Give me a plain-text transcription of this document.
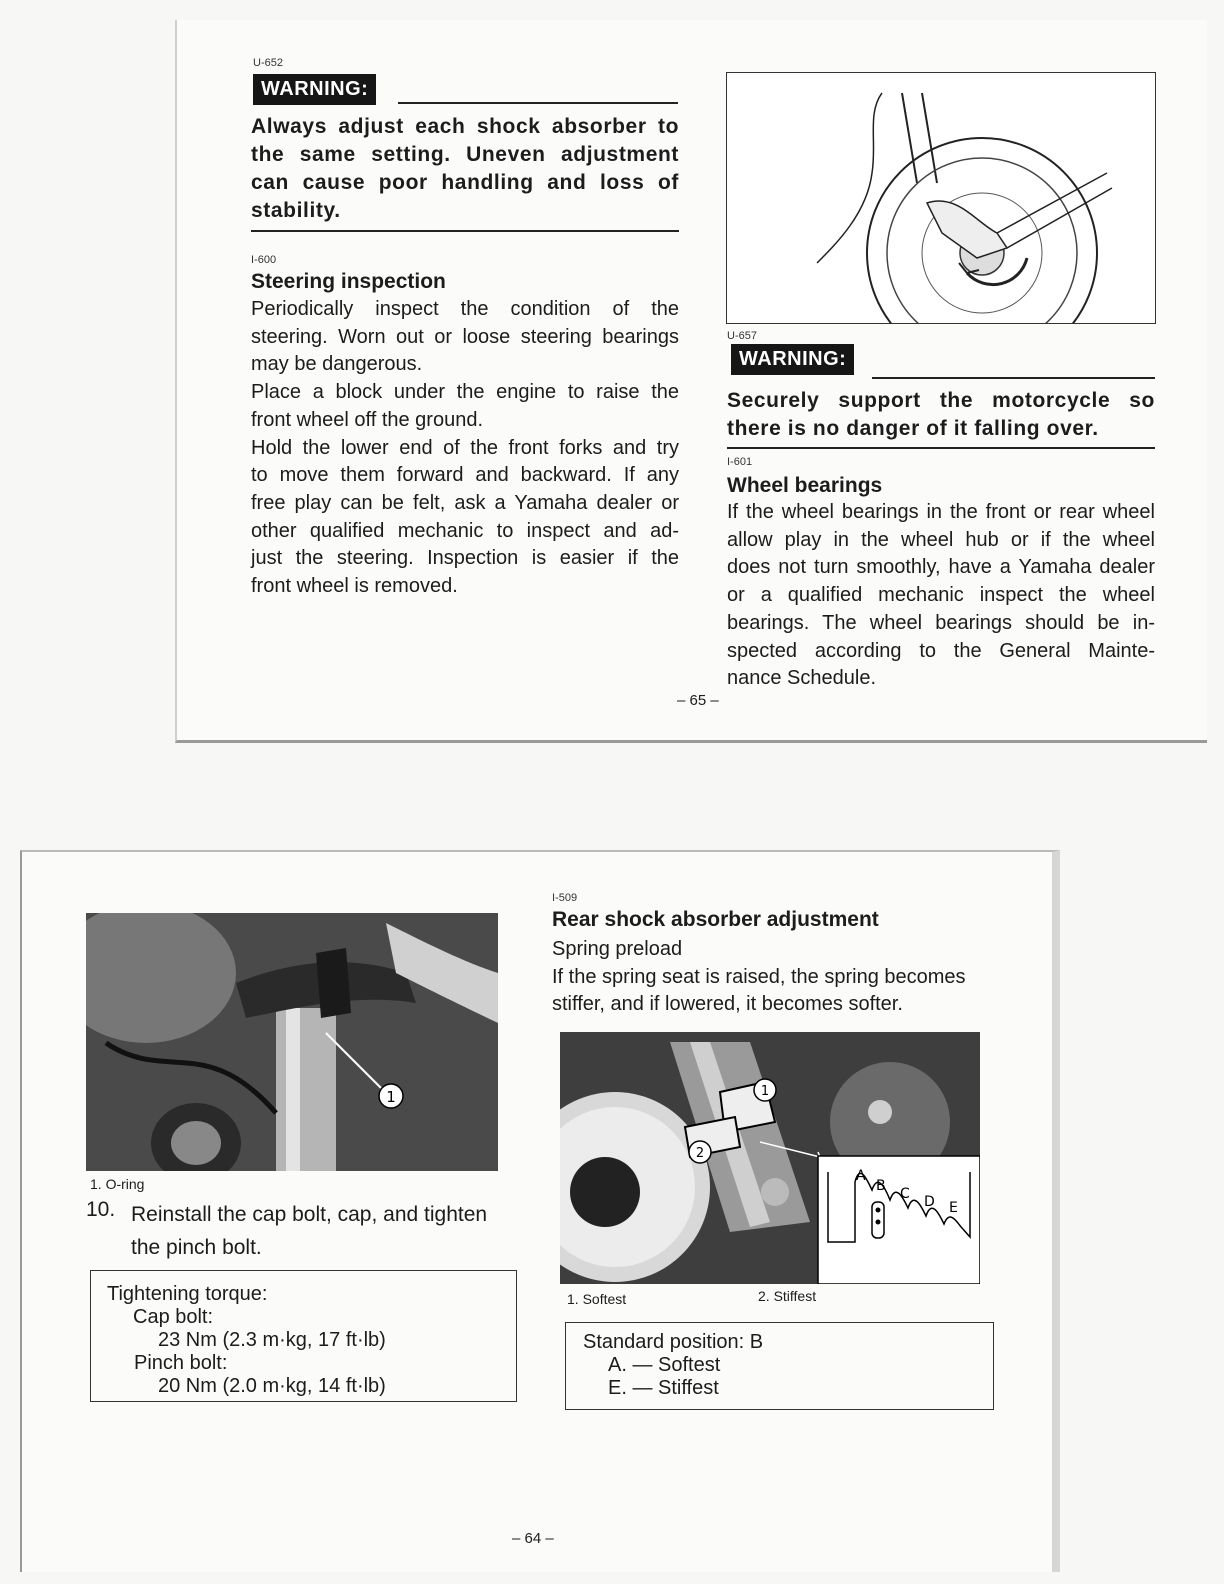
U-652
WARNING:
Always adjust each shock absorber to
the same setting. Uneven adjustment
can cause poor handling and loss of
stability.
I-600
Steering inspection
Periodically inspect the condition of the
steering. Worn out or loose steering bearings
may be dangerous.
Place a block under the engine to raise the
front wheel off the ground.
Hold the lower end of the front forks and try
to move them forward and backward. If any
free play can be felt, ask a Yamaha dealer or
other qualified mechanic to inspect and ad-
just the steering. Inspection is easier if the
front wheel is removed.
U-657
WARNING:
Securely support the motorcycle so
there is no danger of it falling over.
I-601
Wheel bearings
If the wheel bearings in the front or rear wheel
allow play in the wheel hub or if the wheel
does not turn smoothly, have a Yamaha dealer
or a qualified mechanic inspect the wheel
bearings. The wheel bearings should be in-
spected according to the General Mainte-
nance Schedule.
– 65 –
1
1. O-ring
10. Reinstall the cap bolt, cap, and tighten
the pinch bolt.
Tightening torque:
Cap bolt:
23 Nm (2.3 m·kg, 17 ft·lb)
Pinch bolt:
20 Nm (2.0 m·kg, 14 ft·lb)
I-509
Rear shock absorber adjustment
Spring preload
If the spring seat is raised, the spring becomes
stiffer, and if lowered, it becomes softer.
1
2
A
B C D E
1. Softest	2. Stiffest
Standard position: B
A. — Softest
E. — Stiffest
– 64 –
